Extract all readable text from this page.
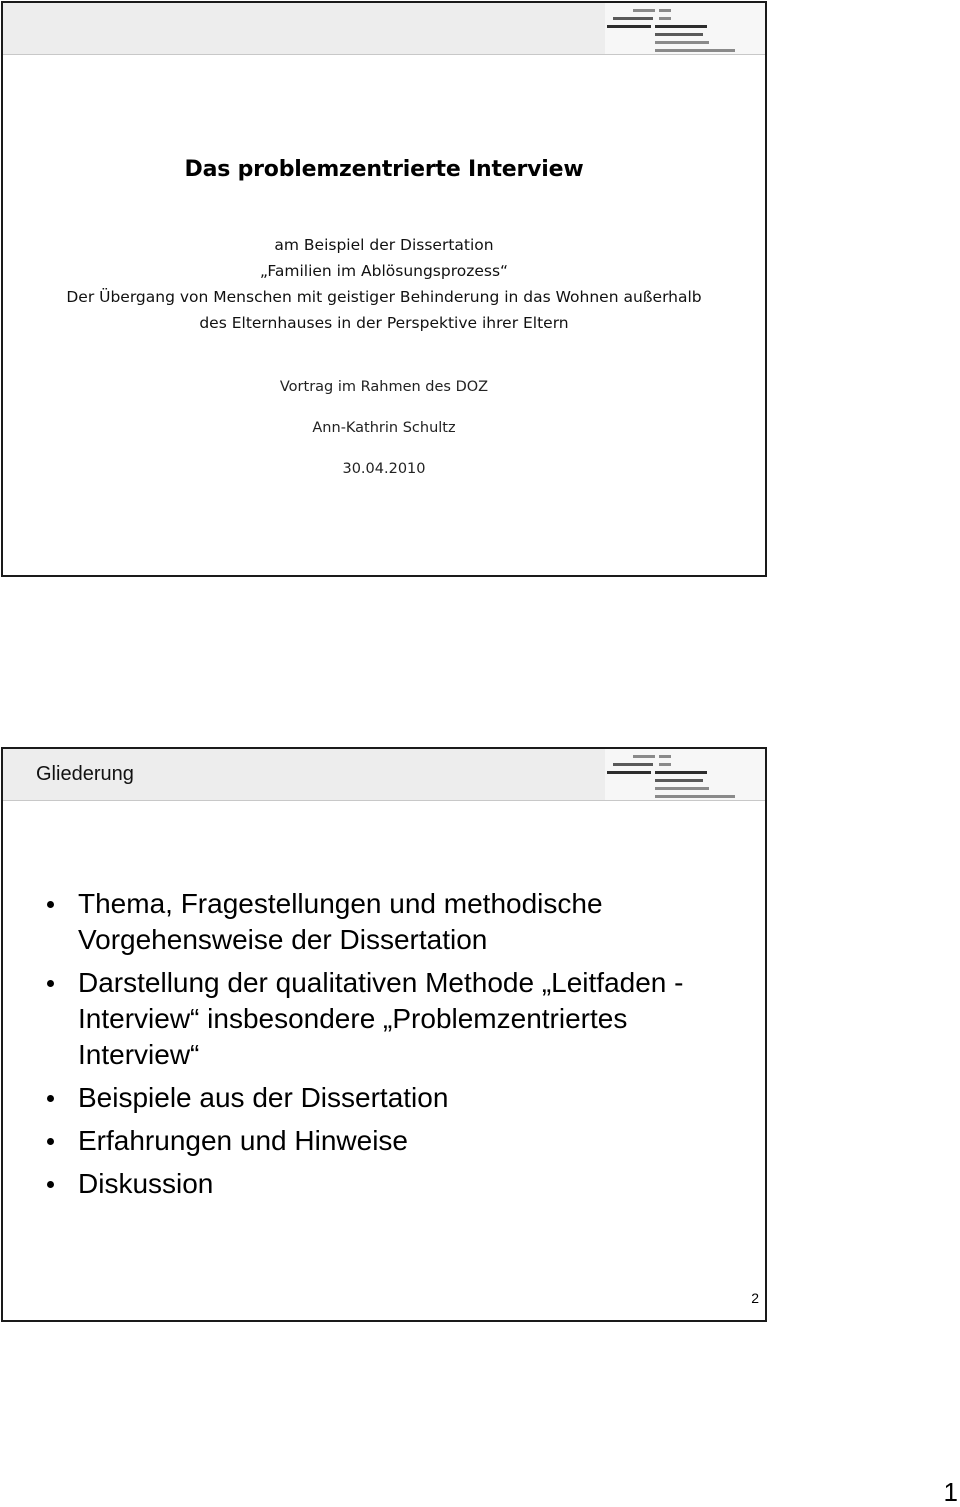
Das problemzentrierte Interview
am Beispiel der Dissertation
„Familien im Ablösungsprozess“
Der Übergang von Menschen mit geistiger Behinderung in das Wohnen außerhalb
des Elternhauses in der Perspektive ihrer Eltern
Vortrag im Rahmen des DOZ
Ann-Kathrin Schultz
30.04.2010
Gliederung
Thema, Fragestellungen und methodische Vorgehensweise der Dissertation
Darstellung der qualitativen Methode „Leitfaden - Interview“ insbesondere „Problemzentriertes Interview“
Beispiele aus der Dissertation
Erfahrungen und Hinweise
Diskussion
2
1
